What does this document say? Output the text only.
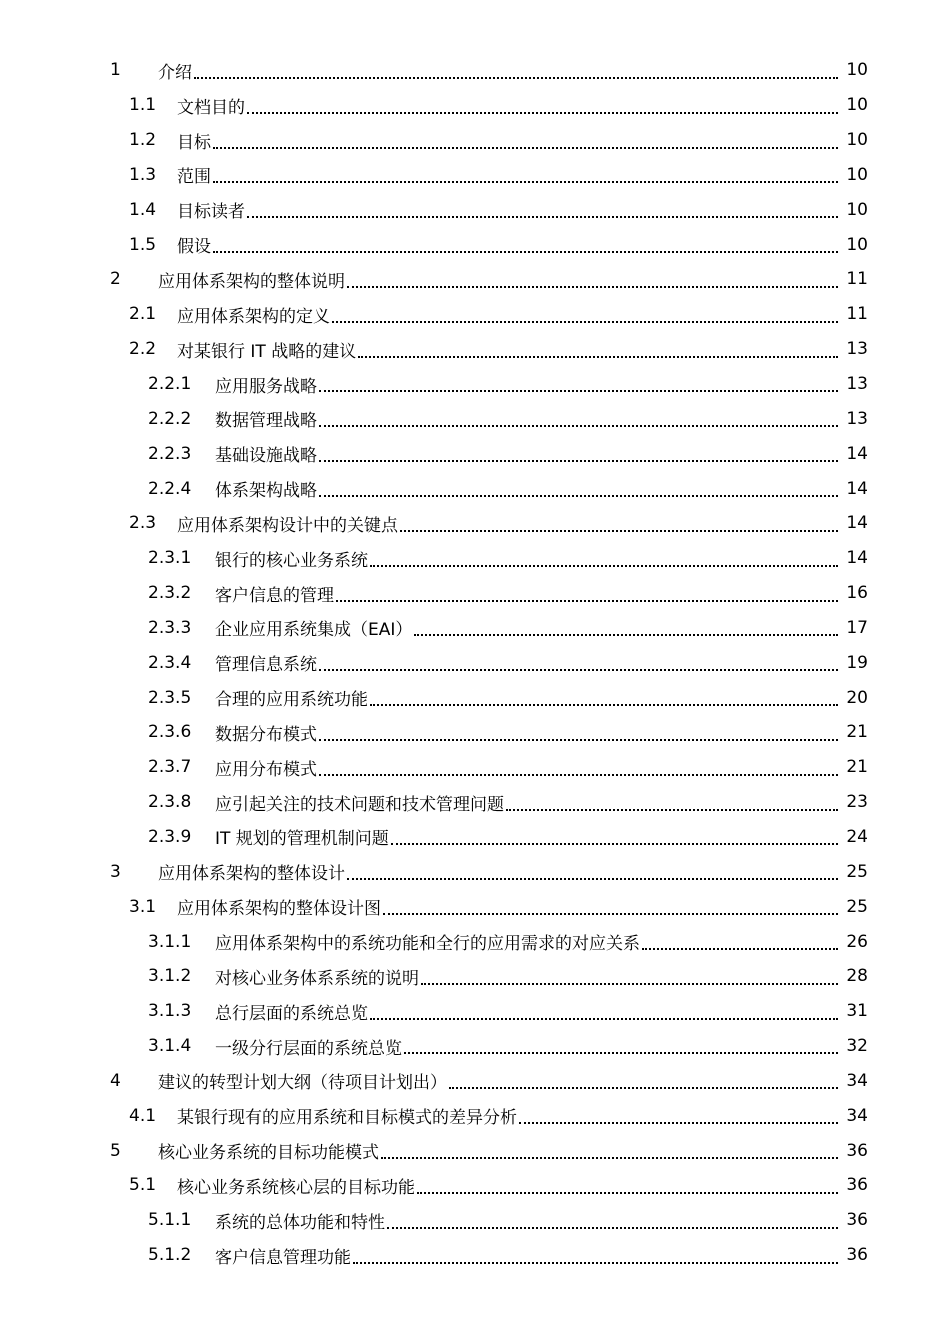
1	介绍	10
1.1	文档目的	10
1.2	目标	10
1.3	范围	10
1.4	目标读者	10
1.5	假设	10
2	应用体系架构的整体说明	11
2.1	应用体系架构的定义	11
2.2	对某银行 IT 战略的建议	13
2.2.1	应用服务战略	13
2.2.2	数据管理战略	13
2.2.3	基础设施战略	14
2.2.4	体系架构战略	14
2.3	应用体系架构设计中的关键点	14
2.3.1	银行的核心业务系统	14
2.3.2	客户信息的管理	16
2.3.3	企业应用系统集成（EAI）	17
2.3.4	管理信息系统	19
2.3.5	合理的应用系统功能	20
2.3.6	数据分布模式	21
2.3.7	应用分布模式	21
2.3.8	应引起关注的技术问题和技术管理问题	23
2.3.9	IT 规划的管理机制问题	24
3	应用体系架构的整体设计	25
3.1	应用体系架构的整体设计图	25
3.1.1	应用体系架构中的系统功能和全行的应用需求的对应关系	26
3.1.2	对核心业务体系系统的说明	28
3.1.3	总行层面的系统总览	31
3.1.4	一级分行层面的系统总览	32
4	建议的转型计划大纲（待项目计划出）	34
4.1	某银行现有的应用系统和目标模式的差异分析	34
5	核心业务系统的目标功能模式	36
5.1	核心业务系统核心层的目标功能	36
5.1.1	系统的总体功能和特性	36
5.1.2	客户信息管理功能	36
